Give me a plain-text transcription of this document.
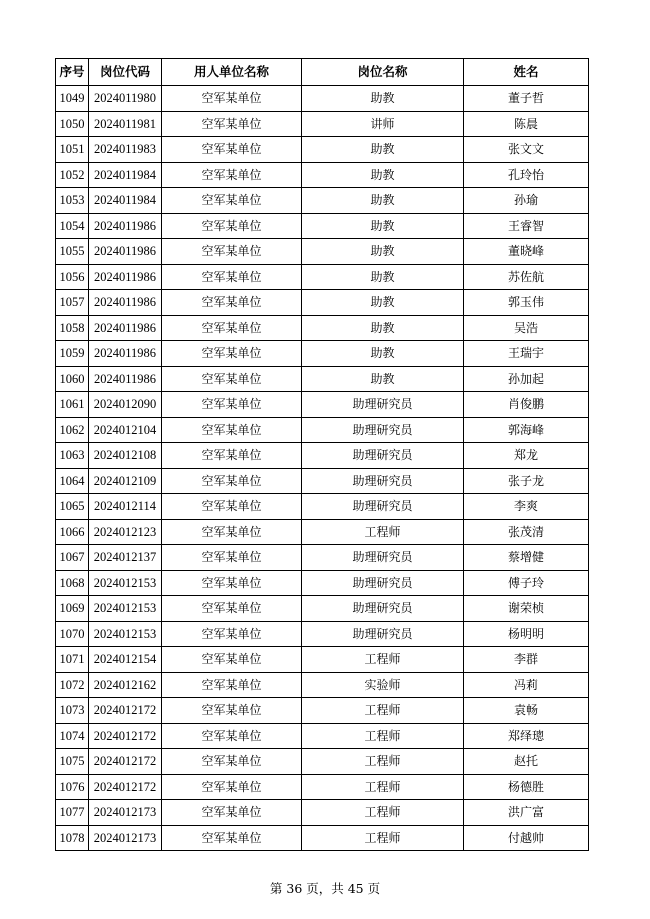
序号	岗位代码	用人单位名称	岗位名称	姓名
1049	2024011980	空军某单位	助教	董子哲
1050	2024011981	空军某单位	讲师	陈晨
1051	2024011983	空军某单位	助教	张文文
1052	2024011984	空军某单位	助教	孔玲怡
1053	2024011984	空军某单位	助教	孙瑜
1054	2024011986	空军某单位	助教	王睿智
1055	2024011986	空军某单位	助教	董晓峰
1056	2024011986	空军某单位	助教	苏佐航
1057	2024011986	空军某单位	助教	郭玉伟
1058	2024011986	空军某单位	助教	吴浩
1059	2024011986	空军某单位	助教	王瑞宇
1060	2024011986	空军某单位	助教	孙加起
1061	2024012090	空军某单位	助理研究员	肖俊鹏
1062	2024012104	空军某单位	助理研究员	郭海峰
1063	2024012108	空军某单位	助理研究员	郑龙
1064	2024012109	空军某单位	助理研究员	张子龙
1065	2024012114	空军某单位	助理研究员	李爽
1066	2024012123	空军某单位	工程师	张茂清
1067	2024012137	空军某单位	助理研究员	蔡增健
1068	2024012153	空军某单位	助理研究员	傅子玲
1069	2024012153	空军某单位	助理研究员	谢荣桢
1070	2024012153	空军某单位	助理研究员	杨明明
1071	2024012154	空军某单位	工程师	李群
1072	2024012162	空军某单位	实验师	冯莉
1073	2024012172	空军某单位	工程师	袁畅
1074	2024012172	空军某单位	工程师	郑绎璁
1075	2024012172	空军某单位	工程师	赵托
1076	2024012172	空军某单位	工程师	杨德胜
1077	2024012173	空军某单位	工程师	洪广富
1078	2024012173	空军某单位	工程师	付越帅
第 36 页，共 45 页
